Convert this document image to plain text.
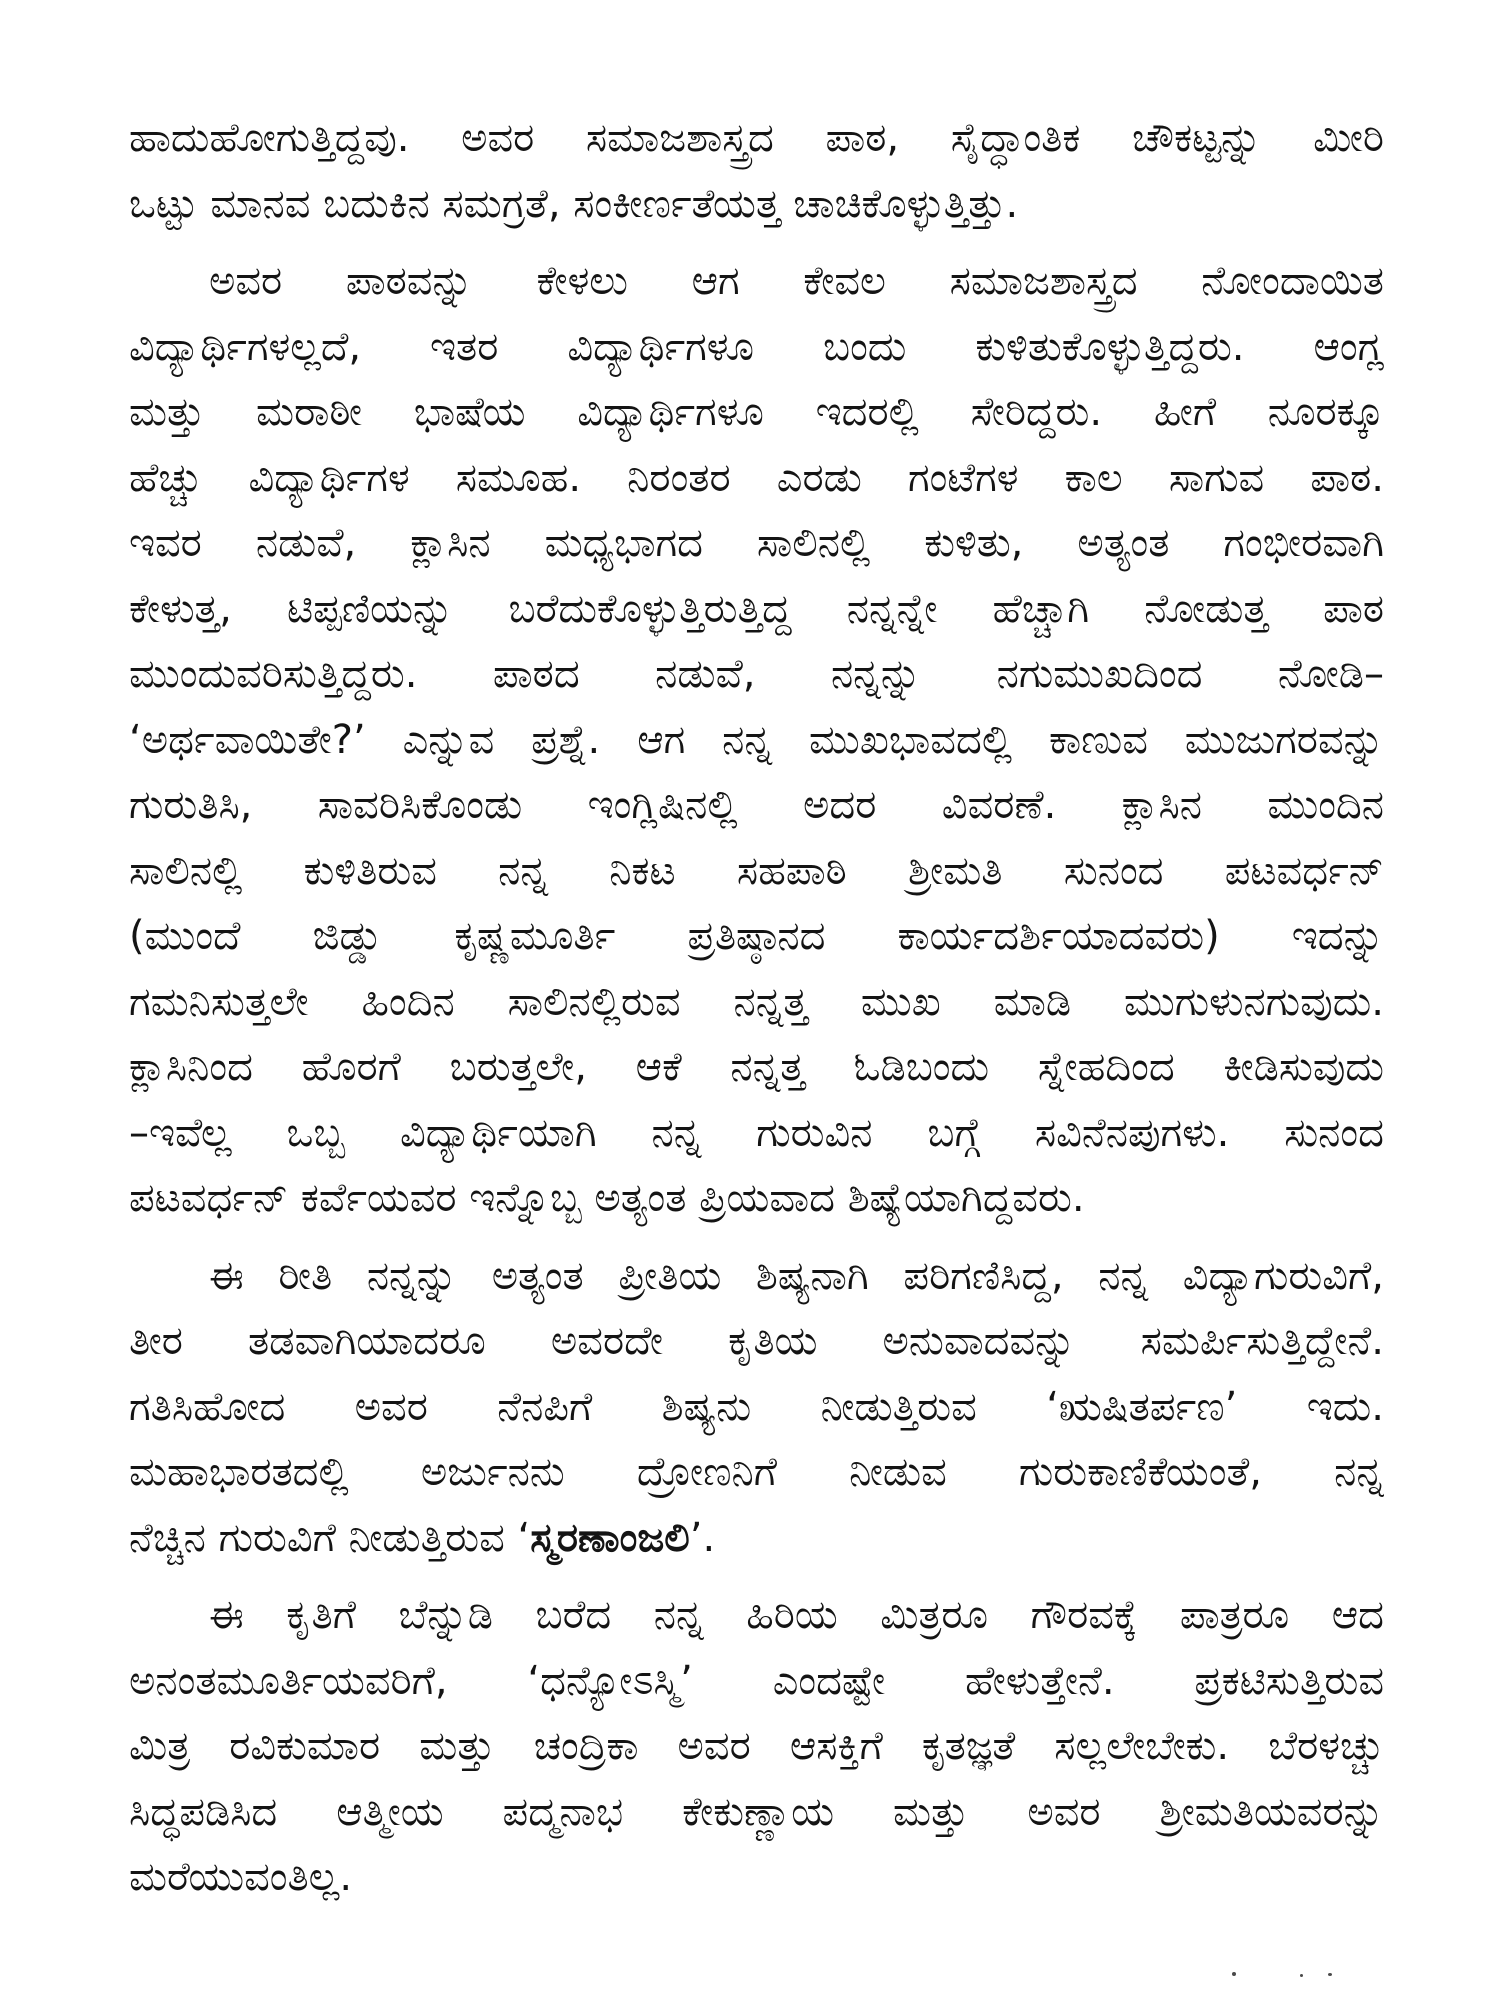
ಹಾದುಹೋಗುತ್ತಿದ್ದವು. ಅವರ ಸಮಾಜಶಾಸ್ತ್ರದ ಪಾಠ, ಸೈದ್ಧಾಂತಿಕ ಚೌಕಟ್ಟನ್ನು ಮೀರಿ
ಒಟ್ಟು ಮಾನವ ಬದುಕಿನ ಸಮಗ್ರತೆ, ಸಂಕೀರ್ಣತೆಯತ್ತ ಚಾಚಿಕೊಳ್ಳುತ್ತಿತ್ತು.
ಅವರ ಪಾಠವನ್ನು ಕೇಳಲು ಆಗ ಕೇವಲ ಸಮಾಜಶಾಸ್ತ್ರದ ನೋಂದಾಯಿತ
ವಿದ್ಯಾರ್ಥಿಗಳಲ್ಲದೆ, ಇತರ ವಿದ್ಯಾರ್ಥಿಗಳೂ ಬಂದು ಕುಳಿತುಕೊಳ್ಳುತ್ತಿದ್ದರು. ಆಂಗ್ಲ
ಮತ್ತು ಮರಾಠೀ ಭಾಷೆಯ ವಿದ್ಯಾರ್ಥಿಗಳೂ ಇದರಲ್ಲಿ ಸೇರಿದ್ದರು. ಹೀಗೆ ನೂರಕ್ಕೂ
ಹೆಚ್ಚು ವಿದ್ಯಾರ್ಥಿಗಳ ಸಮೂಹ. ನಿರಂತರ ಎರಡು ಗಂಟೆಗಳ ಕಾಲ ಸಾಗುವ ಪಾಠ.
ಇವರ ನಡುವೆ, ಕ್ಲಾಸಿನ ಮಧ್ಯಭಾಗದ ಸಾಲಿನಲ್ಲಿ ಕುಳಿತು, ಅತ್ಯಂತ ಗಂಭೀರವಾಗಿ
ಕೇಳುತ್ತ, ಟಿಪ್ಪಣಿಯನ್ನು ಬರೆದುಕೊಳ್ಳುತ್ತಿರುತ್ತಿದ್ದ ನನ್ನನ್ನೇ ಹೆಚ್ಚಾಗಿ ನೋಡುತ್ತ ಪಾಠ
ಮುಂದುವರಿಸುತ್ತಿದ್ದರು. ಪಾಠದ ನಡುವೆ, ನನ್ನನ್ನು ನಗುಮುಖದಿಂದ ನೋಡಿ–
‘ಅರ್ಥವಾಯಿತೇ?’ ಎನ್ನುವ ಪ್ರಶ್ನೆ. ಆಗ ನನ್ನ ಮುಖಭಾವದಲ್ಲಿ ಕಾಣುವ ಮುಜುಗರವನ್ನು
ಗುರುತಿಸಿ, ಸಾವರಿಸಿಕೊಂಡು ಇಂಗ್ಲಿಷಿನಲ್ಲಿ ಅದರ ವಿವರಣೆ. ಕ್ಲಾಸಿನ ಮುಂದಿನ
ಸಾಲಿನಲ್ಲಿ ಕುಳಿತಿರುವ ನನ್ನ ನಿಕಟ ಸಹಪಾಠಿ ಶ್ರೀಮತಿ ಸುನಂದ ಪಟವರ್ಧನ್
(ಮುಂದೆ ಜಿಡ್ಡು ಕೃಷ್ಣಮೂರ್ತಿ ಪ್ರತಿಷ್ಠಾನದ ಕಾರ್ಯದರ್ಶಿಯಾದವರು) ಇದನ್ನು
ಗಮನಿಸುತ್ತಲೇ ಹಿಂದಿನ ಸಾಲಿನಲ್ಲಿರುವ ನನ್ನತ್ತ ಮುಖ ಮಾಡಿ ಮುಗುಳುನಗುವುದು.
ಕ್ಲಾಸಿನಿಂದ ಹೊರಗೆ ಬರುತ್ತಲೇ, ಆಕೆ ನನ್ನತ್ತ ಓಡಿಬಂದು ಸ್ನೇಹದಿಂದ ಕೀಡಿಸುವುದು
–ಇವೆಲ್ಲ ಒಬ್ಬ ವಿದ್ಯಾರ್ಥಿಯಾಗಿ ನನ್ನ ಗುರುವಿನ ಬಗ್ಗೆ ಸವಿನೆನಪುಗಳು. ಸುನಂದ
ಪಟವರ್ಧನ್ ಕರ್ವೆಯವರ ಇನ್ನೊಬ್ಬ ಅತ್ಯಂತ ಪ್ರಿಯವಾದ ಶಿಷ್ಯೆಯಾಗಿದ್ದವರು.
ಈ ರೀತಿ ನನ್ನನ್ನು ಅತ್ಯಂತ ಪ್ರೀತಿಯ ಶಿಷ್ಯನಾಗಿ ಪರಿಗಣಿಸಿದ್ದ, ನನ್ನ ವಿದ್ಯಾಗುರುವಿಗೆ,
ತೀರ ತಡವಾಗಿಯಾದರೂ ಅವರದೇ ಕೃತಿಯ ಅನುವಾದವನ್ನು ಸಮರ್ಪಿಸುತ್ತಿದ್ದೇನೆ.
ಗತಿಸಿಹೋದ ಅವರ ನೆನಪಿಗೆ ಶಿಷ್ಯನು ನೀಡುತ್ತಿರುವ ‘ಋಷಿತರ್ಪಣ’ ಇದು.
ಮಹಾಭಾರತದಲ್ಲಿ ಅರ್ಜುನನು ದ್ರೋಣನಿಗೆ ನೀಡುವ ಗುರುಕಾಣಿಕೆಯಂತೆ, ನನ್ನ
ನೆಚ್ಚಿನ ಗುರುವಿಗೆ ನೀಡುತ್ತಿರುವ ‘ಸ್ಮರಣಾಂಜಲಿ’.
ಈ ಕೃತಿಗೆ ಬೆನ್ನುಡಿ ಬರೆದ ನನ್ನ ಹಿರಿಯ ಮಿತ್ರರೂ ಗೌರವಕ್ಕೆ ಪಾತ್ರರೂ ಆದ
ಅನಂತಮೂರ್ತಿಯವರಿಗೆ, ‘ಧನ್ಯೋಽಸ್ಮಿ’ ಎಂದಷ್ಟೇ ಹೇಳುತ್ತೇನೆ. ಪ್ರಕಟಿಸುತ್ತಿರುವ
ಮಿತ್ರ ರವಿಕುಮಾರ ಮತ್ತು ಚಂದ್ರಿಕಾ ಅವರ ಆಸಕ್ತಿಗೆ ಕೃತಜ್ಞತೆ ಸಲ್ಲಲೇಬೇಕು. ಬೆರಳಚ್ಚು
ಸಿದ್ಧಪಡಿಸಿದ ಆತ್ಮೀಯ ಪದ್ಮನಾಭ ಕೇಕುಣ್ಣಾಯ ಮತ್ತು ಅವರ ಶ್ರೀಮತಿಯವರನ್ನು
ಮರೆಯುವಂತಿಲ್ಲ.
